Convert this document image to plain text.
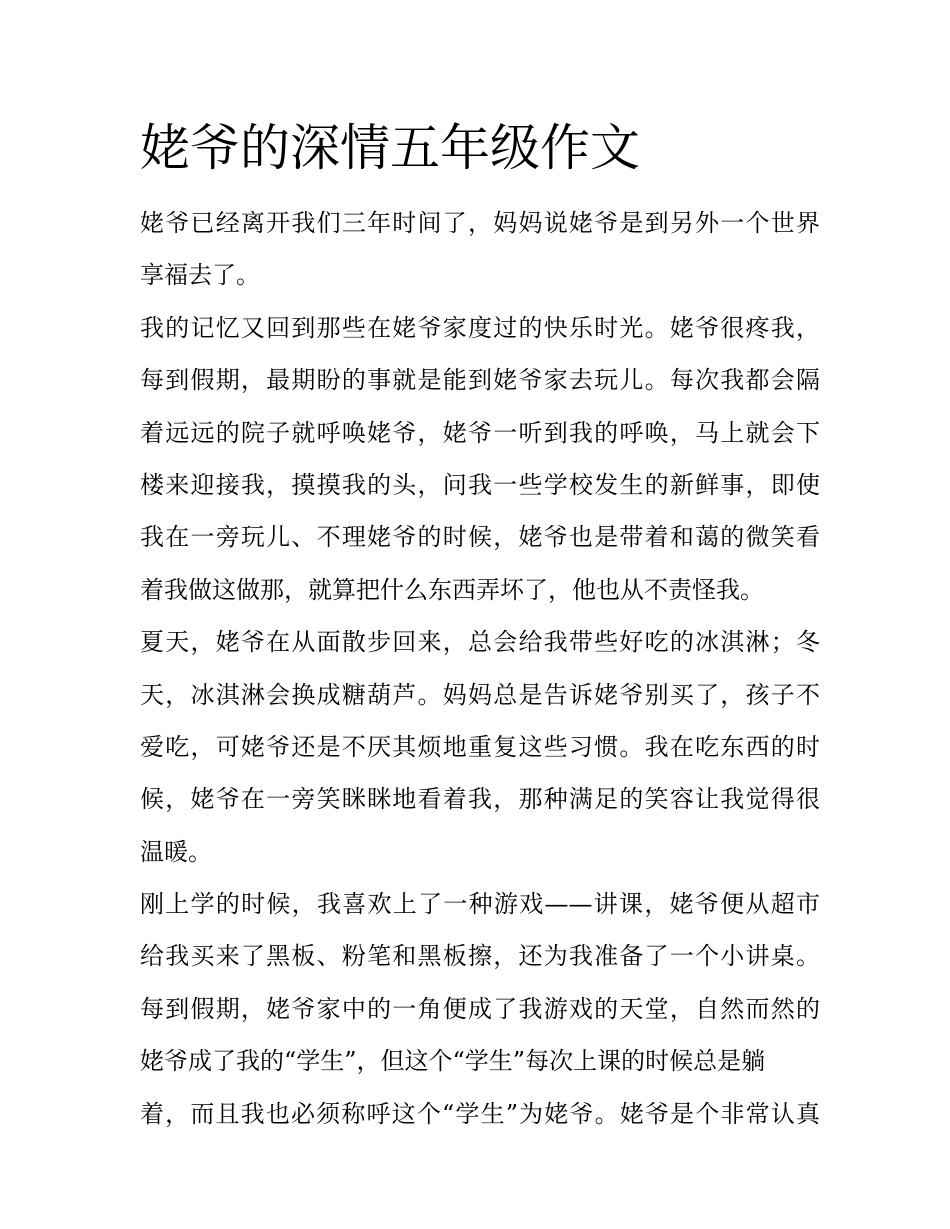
姥爷的深情五年级作文
姥爷已经离开我们三年时间了，妈妈说姥爷是到另外一个世界
享福去了。
我的记忆又回到那些在姥爷家度过的快乐时光。姥爷很疼我，
每到假期，最期盼的事就是能到姥爷家去玩儿。每次我都会隔
着远远的院子就呼唤姥爷，姥爷一听到我的呼唤，马上就会下
楼来迎接我，摸摸我的头，问我一些学校发生的新鲜事，即使
我在一旁玩儿、不理姥爷的时候，姥爷也是带着和蔼的微笑看
着我做这做那，就算把什么东西弄坏了，他也从不责怪我。
夏天，姥爷在从面散步回来，总会给我带些好吃的冰淇淋；冬
天，冰淇淋会换成糖葫芦。妈妈总是告诉姥爷别买了，孩子不
爱吃，可姥爷还是不厌其烦地重复这些习惯。我在吃东西的时
候，姥爷在一旁笑眯眯地看着我，那种满足的笑容让我觉得很
温暖。
刚上学的时候，我喜欢上了一种游戏——讲课，姥爷便从超市
给我买来了黑板、粉笔和黑板擦，还为我准备了一个小讲桌。
每到假期，姥爷家中的一角便成了我游戏的天堂，自然而然的
姥爷成了我的“学生”，但这个“学生”每次上课的时候总是躺
着，而且我也必须称呼这个“学生”为姥爷。姥爷是个非常认真
